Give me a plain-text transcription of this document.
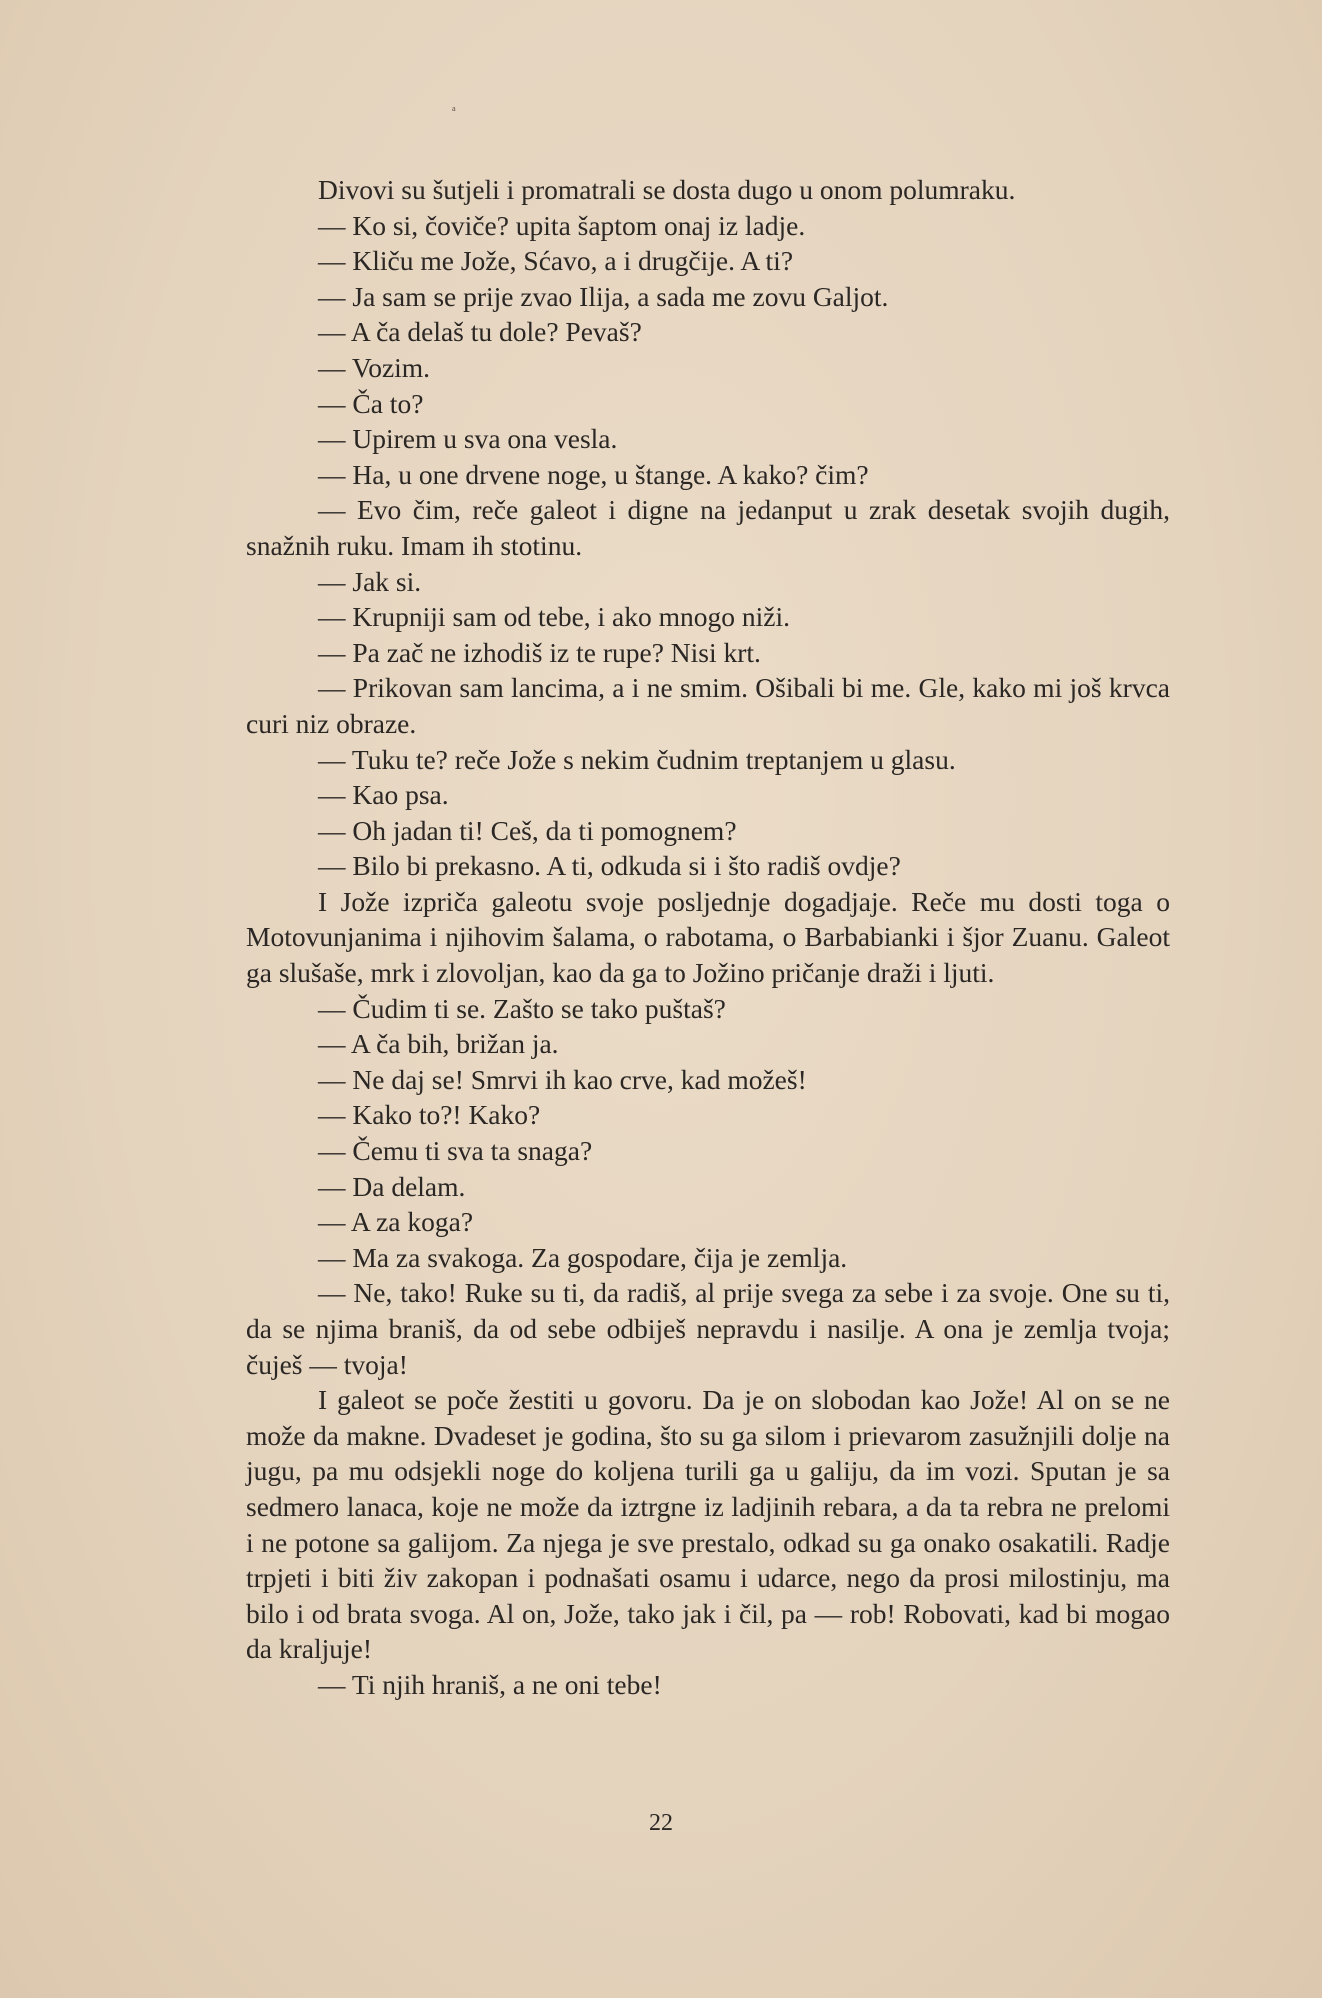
ᵃ

Divovi su šutjeli i promatrali se dosta dugo u onom polumraku.

— Ko si, čoviče? upita šaptom onaj iz ladje.

— Kliču me Jože, Sćavo, a i drugčije. A ti?

— Ja sam se prije zvao Ilija, a sada me zovu Galjot.

— A ča delaš tu dole? Pevaš?

— Vozim.

— Ča to?

— Upirem u sva ona vesla.

— Ha, u one drvene noge, u štange. A kako? čim?

— Evo čim, reče galeot i digne na jedanput u zrak desetak svojih dugih, snažnih ruku. Imam ih stotinu.

— Jak si.

— Krupniji sam od tebe, i ako mnogo niži.

— Pa zač ne izhodiš iz te rupe? Nisi krt.

— Prikovan sam lancima, a i ne smim. Ošibali bi me. Gle, kako mi još krvca curi niz obraze.

— Tuku te? reče Jože s nekim čudnim treptanjem u glasu.

— Kao psa.

— Oh jadan ti! Ceš, da ti pomognem?

— Bilo bi prekasno. A ti, odkuda si i što radiš ovdje?

I Jože izpriča galeotu svoje posljednje dogadjaje. Reče mu dosti toga o Motovunjanima i njihovim šalama, o rabotama, o Barbabianki i šjor Zuanu. Galeot ga slušaše, mrk i zlovoljan, kao da ga to Jožino pričanje draži i ljuti.

— Čudim ti se. Zašto se tako puštaš?

— A ča bih, brižan ja.

— Ne daj se! Smrvi ih kao crve, kad možeš!

— Kako to?! Kako?

— Čemu ti sva ta snaga?

— Da delam.

— A za koga?

— Ma za svakoga. Za gospodare, čija je zemlja.

— Ne, tako! Ruke su ti, da radiš, al prije svega za sebe i za svoje. One su ti, da se njima braniš, da od sebe odbiješ nepravdu i nasilje. A ona je zemlja tvoja; čuješ — tvoja!

I galeot se poče žestiti u govoru. Da je on slobodan kao Jože! Al on se ne može da makne. Dvadeset je godina, što su ga silom i prievarom zasužnjili dolje na jugu, pa mu odsjekli noge do koljena turili ga u galiju, da im vozi. Sputan je sa sedmero lanaca, koje ne može da iztrgne iz ladjinih rebara, a da ta rebra ne prelomi i ne potone sa galijom. Za njega je sve prestalo, odkad su ga onako osakatili. Radje trpjeti i biti živ zakopan i podnašati osamu i udarce, nego da prosi milostinju, ma bilo i od brata svoga. Al on, Jože, tako jak i čil, pa — rob! Robovati, kad bi mogao da kraljuje!

— Ti njih hraniš, a ne oni tebe!

22
